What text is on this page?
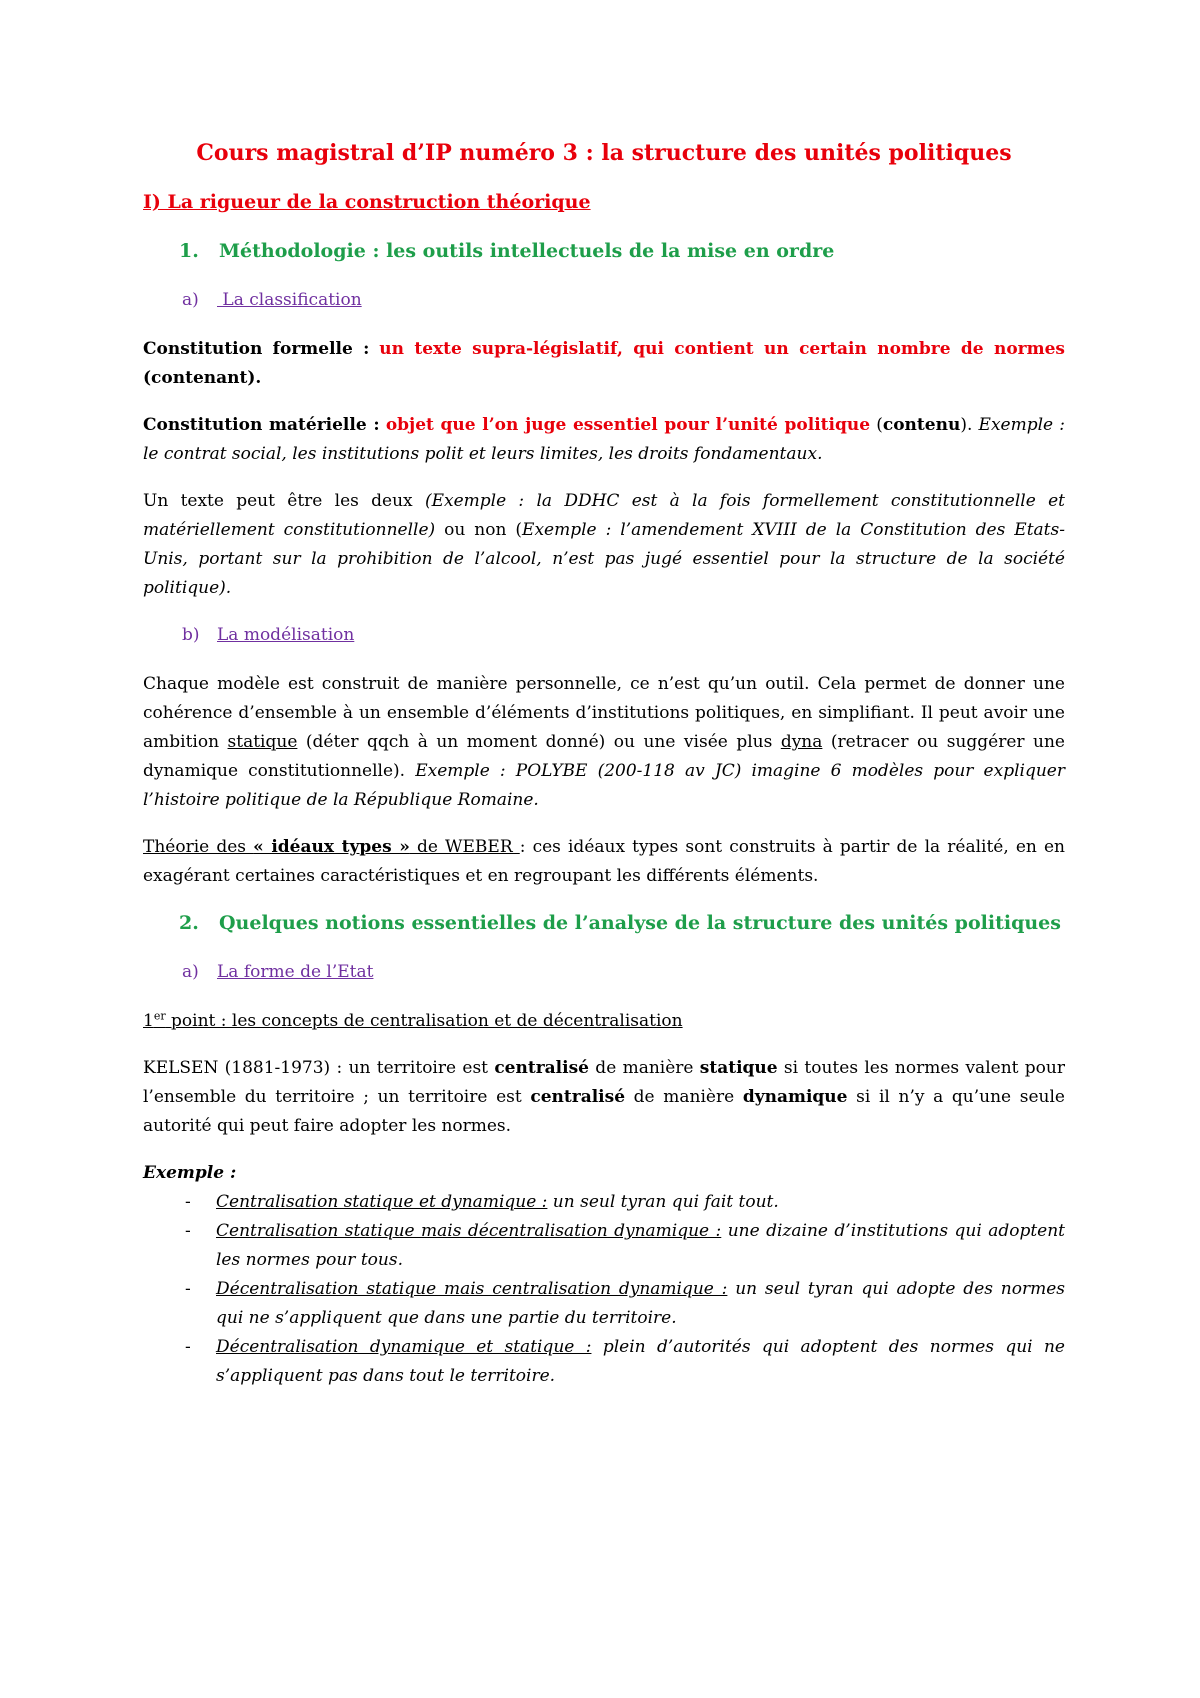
Cours magistral d’IP numéro 3 : la structure des unités politiques
I) La rigueur de la construction théorique
1. Méthodologie : les outils intellectuels de la mise en ordre
a) La classification

Constitution formelle : un texte supra-législatif, qui contient un certain nombre de normes (contenant).

Constitution matérielle : objet que l’on juge essentiel pour l’unité politique (contenu). Exemple : le contrat social, les institutions polit et leurs limites, les droits fondamentaux.

Un texte peut être les deux (Exemple : la DDHC est à la fois formellement constitutionnelle et matériellement constitutionnelle) ou non (Exemple : l’amendement XVIII de la Constitution des Etats-Unis, portant sur la prohibition de l’alcool, n’est pas jugé essentiel pour la structure de la société politique).

b) La modélisation

Chaque modèle est construit de manière personnelle, ce n’est qu’un outil. Cela permet de donner une cohérence d’ensemble à un ensemble d’éléments d’institutions politiques, en simplifiant. Il peut avoir une ambition statique (déter qqch à un moment donné) ou une visée plus dyna (retracer ou suggérer une dynamique constitutionnelle). Exemple : POLYBE (200-118 av JC) imagine 6 modèles pour expliquer l’histoire politique de la République Romaine.

Théorie des « idéaux types » de WEBER : ces idéaux types sont construits à partir de la réalité, en en exagérant certaines caractéristiques et en regroupant les différents éléments.

2. Quelques notions essentielles de l’analyse de la structure des unités politiques
a) La forme de l’Etat

1er point : les concepts de centralisation et de décentralisation

KELSEN (1881-1973) : un territoire est centralisé de manière statique si toutes les normes valent pour l’ensemble du territoire ; un territoire est centralisé de manière dynamique si il n’y a qu’une seule autorité qui peut faire adopter les normes.

Exemple :
- Centralisation statique et dynamique : un seul tyran qui fait tout.
- Centralisation statique mais décentralisation dynamique : une dizaine d’institutions qui adoptent les normes pour tous.
- Décentralisation statique mais centralisation dynamique : un seul tyran qui adopte des normes qui ne s’appliquent que dans une partie du territoire.
- Décentralisation dynamique et statique : plein d’autorités qui adoptent des normes qui ne s’appliquent pas dans tout le territoire.
